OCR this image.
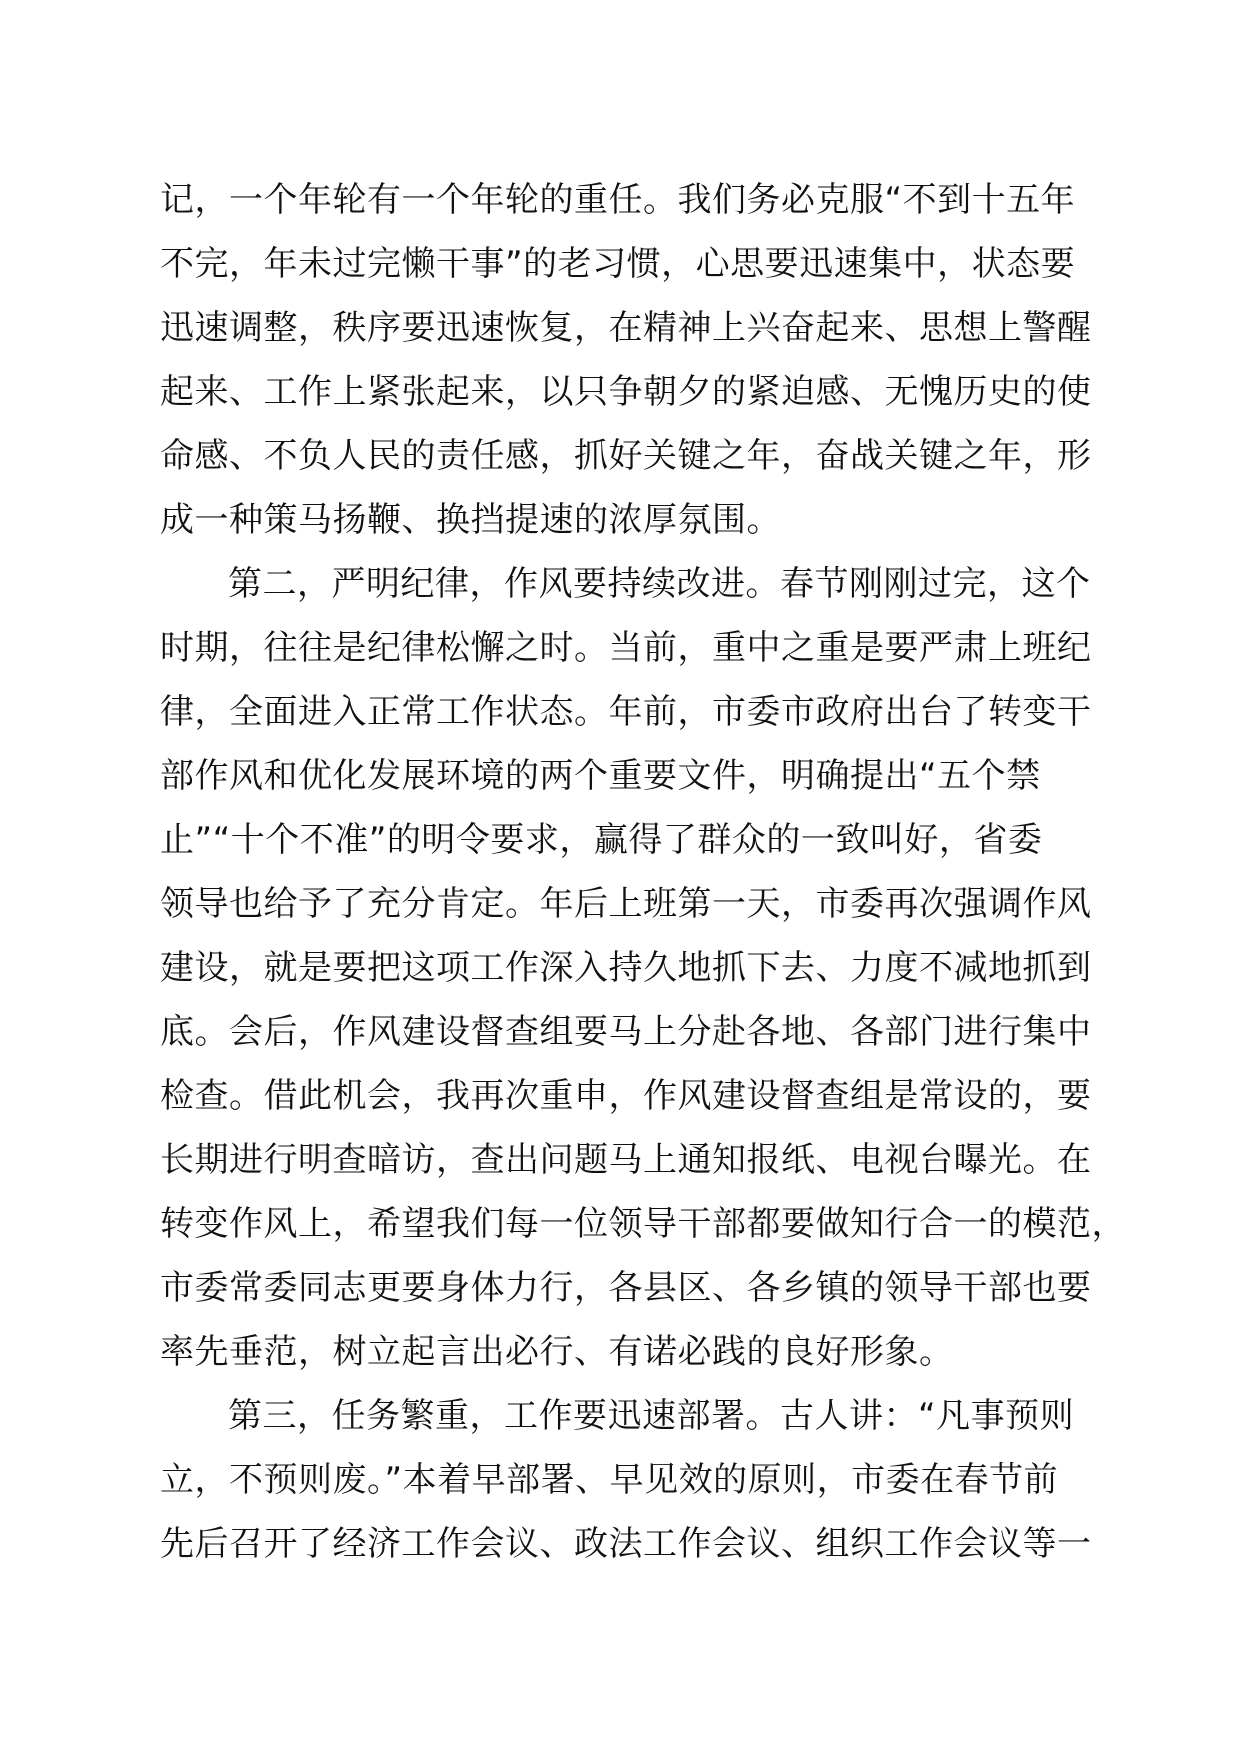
记，一个年轮有一个年轮的重任。我们务必克服“不到十五年
不完，年未过完懒干事”的老习惯，心思要迅速集中，状态要
迅速调整，秩序要迅速恢复，在精神上兴奋起来、思想上警醒
起来、工作上紧张起来，以只争朝夕的紧迫感、无愧历史的使
命感、不负人民的责任感，抓好关键之年，奋战关键之年，形
成一种策马扬鞭、换挡提速的浓厚氛围。
第二，严明纪律，作风要持续改进。春节刚刚过完，这个
时期，往往是纪律松懈之时。当前，重中之重是要严肃上班纪
律，全面进入正常工作状态。年前，市委市政府出台了转变干
部作风和优化发展环境的两个重要文件，明确提出“五个禁
止”“十个不准”的明令要求，赢得了群众的一致叫好，省委
领导也给予了充分肯定。年后上班第一天，市委再次强调作风
建设，就是要把这项工作深入持久地抓下去、力度不减地抓到
底。会后，作风建设督查组要马上分赴各地、各部门进行集中
检查。借此机会，我再次重申，作风建设督查组是常设的，要
长期进行明查暗访，查出问题马上通知报纸、电视台曝光。在
转变作风上，希望我们每一位领导干部都要做知行合一的模范，
市委常委同志更要身体力行，各县区、各乡镇的领导干部也要
率先垂范，树立起言出必行、有诺必践的良好形象。
第三，任务繁重，工作要迅速部署。古人讲：“凡事预则
立，不预则废。”本着早部署、早见效的原则，市委在春节前
先后召开了经济工作会议、政法工作会议、组织工作会议等一
